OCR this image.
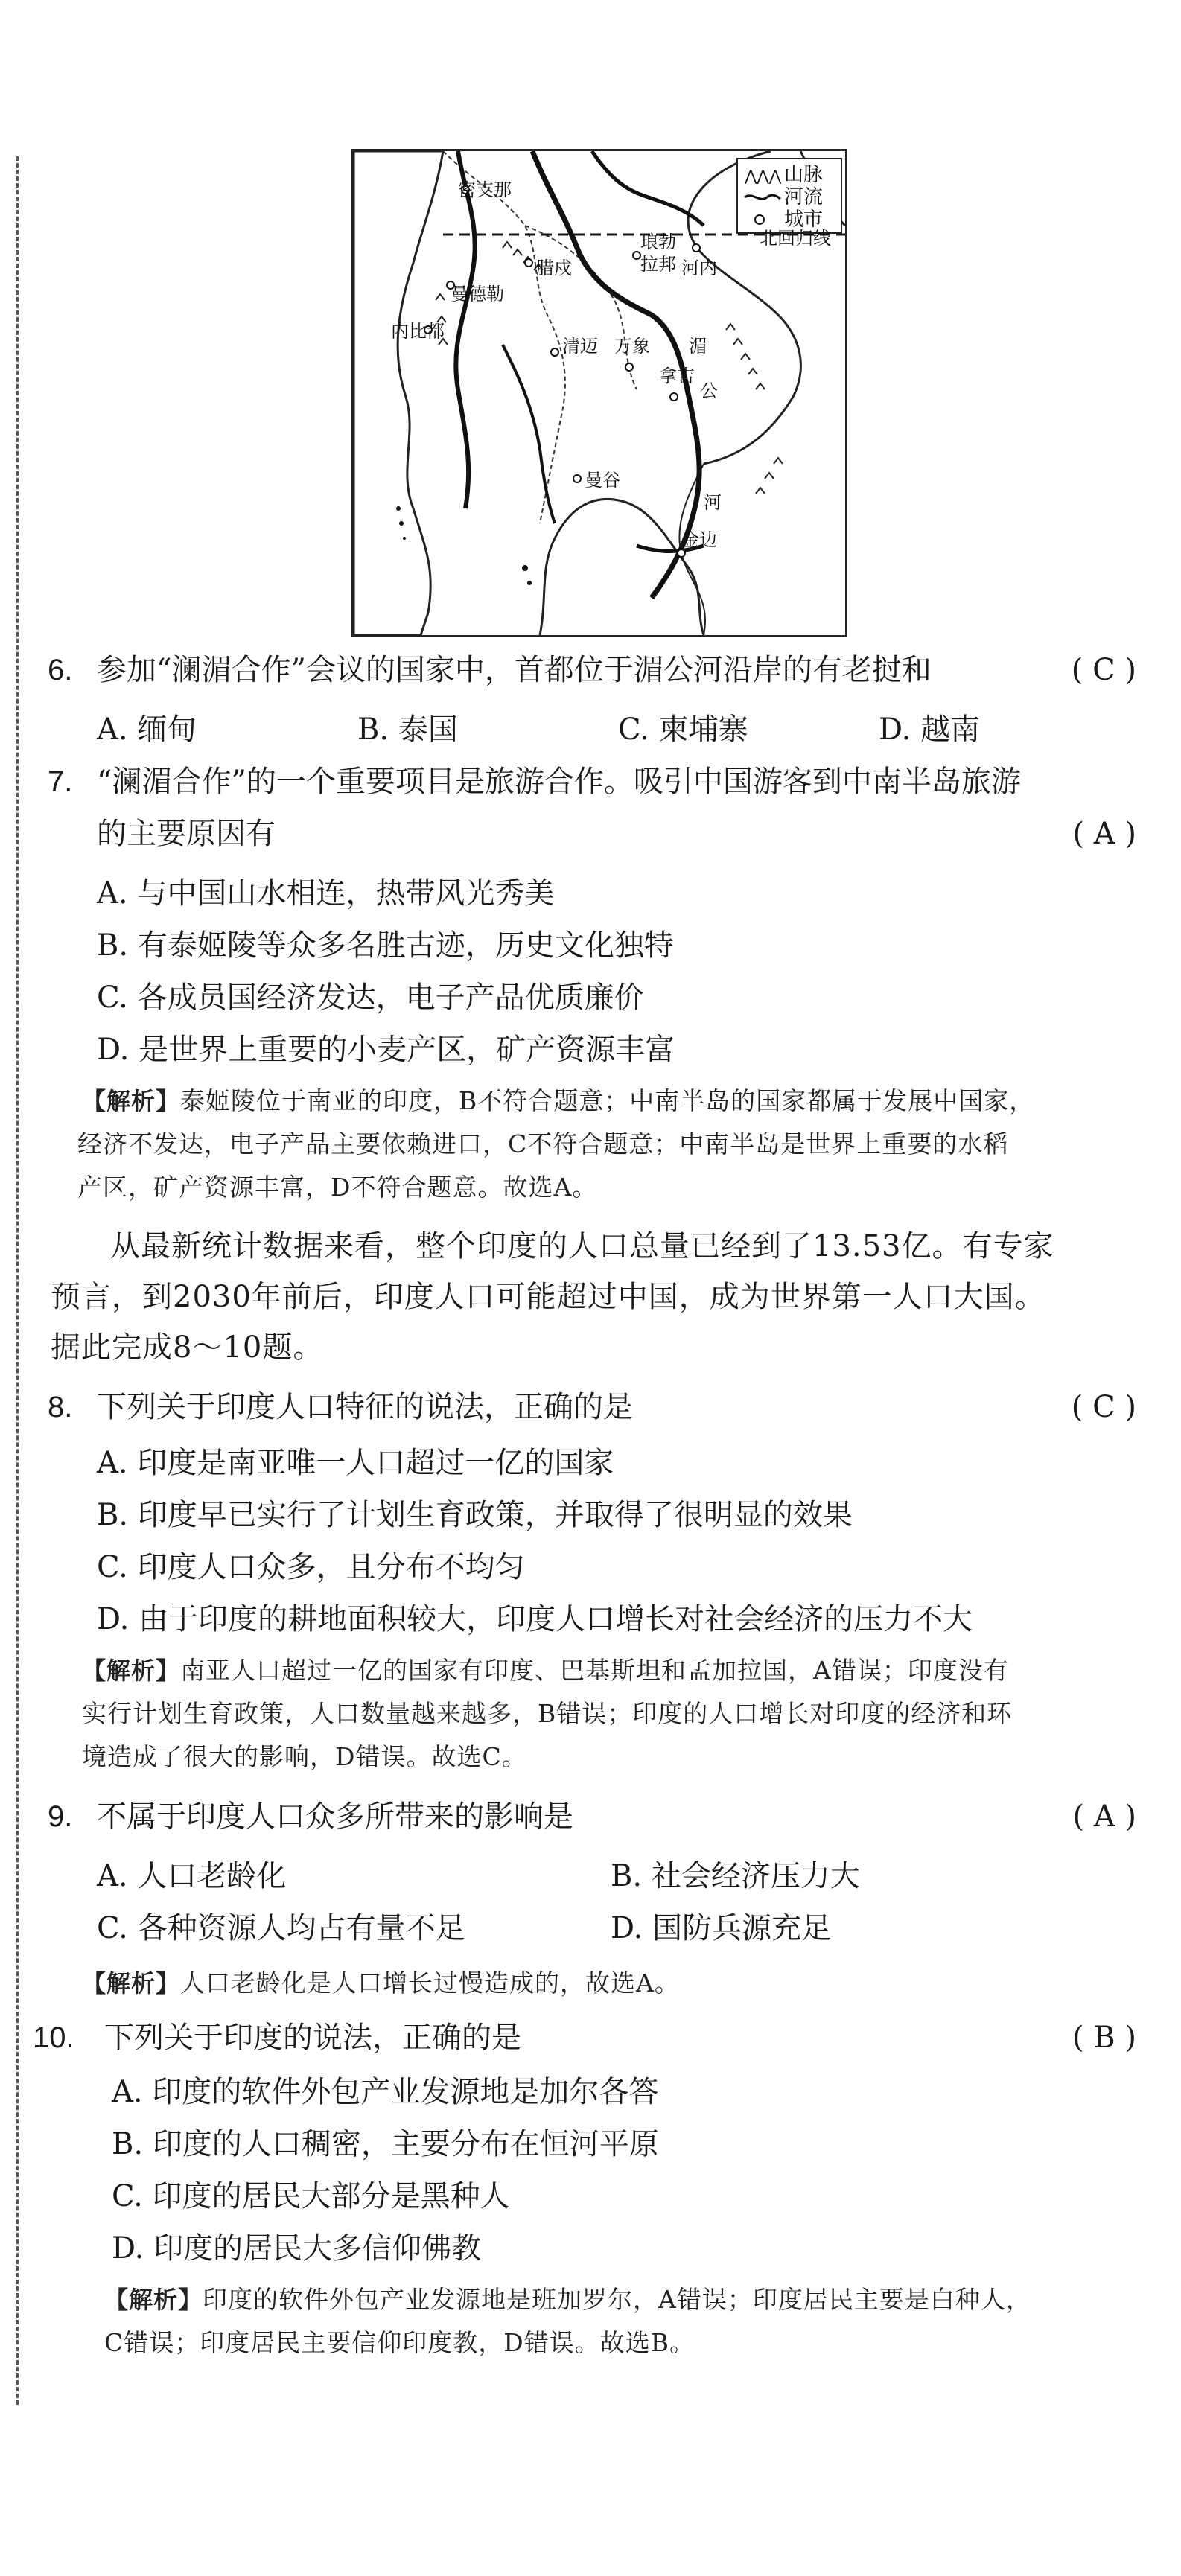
⋀⋀⋀ 山脉
河流
城市
密支那
曼德勒
内比都
腊戍
琅勃
拉邦 河内
北回归线
清迈 万象 湄
拿吉
公
曼谷
河
金边
6. 参加“澜湄合作”会议的国家中，首都位于湄公河沿岸的有老挝和	( C )
A. 缅甸	B. 泰国	C. 柬埔寨	D. 越南
7. “澜湄合作”的一个重要项目是旅游合作。吸引中国游客到中南半岛旅游
的主要原因有	( A )
A. 与中国山水相连，热带风光秀美
B. 有泰姬陵等众多名胜古迹，历史文化独特
C. 各成员国经济发达，电子产品优质廉价
D. 是世界上重要的小麦产区，矿产资源丰富
【解析】泰姬陵位于南亚的印度，B不符合题意；中南半岛的国家都属于发展中国家，
经济不发达，电子产品主要依赖进口，C不符合题意；中南半岛是世界上重要的水稻
产区，矿产资源丰富，D不符合题意。故选A。
从最新统计数据来看，整个印度的人口总量已经到了13.53亿。有专家
预言，到2030年前后，印度人口可能超过中国，成为世界第一人口大国。
据此完成8～10题。
8. 下列关于印度人口特征的说法，正确的是	( C )
A. 印度是南亚唯一人口超过一亿的国家
B. 印度早已实行了计划生育政策，并取得了很明显的效果
C. 印度人口众多，且分布不均匀
D. 由于印度的耕地面积较大，印度人口增长对社会经济的压力不大
【解析】南亚人口超过一亿的国家有印度、巴基斯坦和孟加拉国，A错误；印度没有
实行计划生育政策，人口数量越来越多，B错误；印度的人口增长对印度的经济和环
境造成了很大的影响，D错误。故选C。
9. 不属于印度人口众多所带来的影响是	( A )
A. 人口老龄化	B. 社会经济压力大
C. 各种资源人均占有量不足	D. 国防兵源充足
【解析】人口老龄化是人口增长过慢造成的，故选A。
10. 下列关于印度的说法，正确的是	( B )
A. 印度的软件外包产业发源地是加尔各答
B. 印度的人口稠密，主要分布在恒河平原
C. 印度的居民大部分是黑种人
D. 印度的居民大多信仰佛教
【解析】印度的软件外包产业发源地是班加罗尔，A错误；印度居民主要是白种人，
C错误；印度居民主要信仰印度教，D错误。故选B。
